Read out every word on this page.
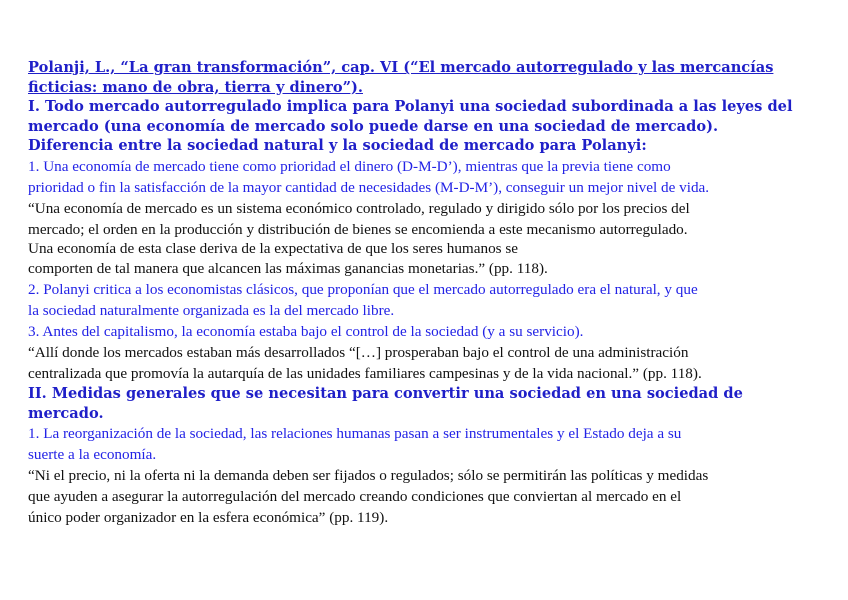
Polanji, L., “La gran transformación”, cap. VI (“El mercado autorregulado y las mercancías
ficticias: mano de obra, tierra y dinero”).
I. Todo mercado autorregulado implica para Polanyi una sociedad subordinada a las leyes del
mercado (una economía de mercado solo puede darse en una sociedad de mercado).
Diferencia entre la sociedad natural y la sociedad de mercado para Polanyi:
1. Una economía de mercado tiene como prioridad el dinero (D-M-D’), mientras que la previa tiene como
prioridad o fin la satisfacción de la mayor cantidad de necesidades (M-D-M’), conseguir un mejor nivel de vida.
“Una economía de mercado es un sistema económico controlado, regulado y dirigido sólo por los precios del
mercado; el orden en la producción y distribución de bienes se encomienda a este mecanismo autorregulado.
Una economía de esta clase deriva de la expectativa de que los seres humanos se
comporten de tal manera que alcancen las máximas ganancias monetarias.” (pp. 118).
2. Polanyi critica a los economistas clásicos, que proponían que el mercado autorregulado era el natural, y que
la sociedad naturalmente organizada es la del mercado libre.
3. Antes del capitalismo, la economía estaba bajo el control de la sociedad (y a su servicio).
“Allí donde los mercados estaban más desarrollados “[…] prosperaban bajo el control de una administración
centralizada que promovía la autarquía de las unidades familiares campesinas y de la vida nacional.” (pp. 118).
II. Medidas generales que se necesitan para convertir una sociedad en una sociedad de
mercado.
1. La reorganización de la sociedad, las relaciones humanas pasan a ser instrumentales y el Estado deja a su
suerte a la economía.
“Ni el precio, ni la oferta ni la demanda deben ser fijados o regulados; sólo se permitirán las políticas y medidas
que ayuden a asegurar la autorregulación del mercado creando condiciones que conviertan al mercado en el
único poder organizador en la esfera económica” (pp. 119).
